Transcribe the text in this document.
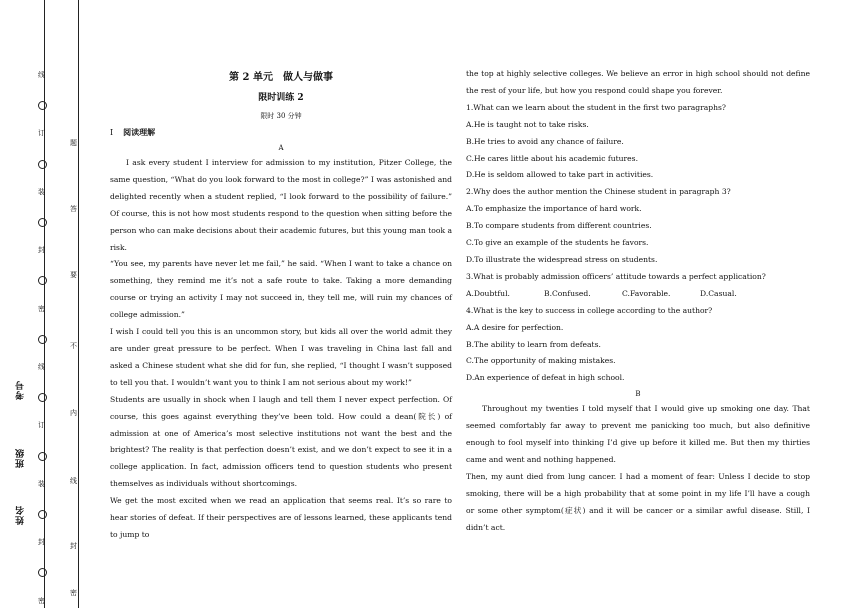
线
订
装
封
密
线
订
装
封
密
题
答
要
不
内
线
封
密
姓名
班级
考号
第 2 单元　做人与做事
限时训练 2
限时 30 分钟
Ⅰ 阅读理解
A

I ask every student I interview for admission to my institution, Pitzer College, the same question, “What do you look forward to the most in college?” I was astonished and delighted recently when a student replied, “I look forward to the possibility of failure.” Of course, this is not how most students respond to the question when sitting before the person who can make decisions about their academic futures, but this young man took a risk.

“You see, my parents have never let me fail,” he said. “When I want to take a chance on something, they remind me it’s not a safe route to take. Taking a more demanding course or trying an activity I may not succeed in, they tell me, will ruin my chances of college admission.”

I wish I could tell you this is an uncommon story, but kids all over the world admit they are under great pressure to be perfect. When I was traveling in China last fall and asked a Chinese student what she did for fun, she replied, “I thought I wasn’t supposed to tell you that. I wouldn’t want you to think I am not serious about my work!”

Students are usually in shock when I laugh and tell them I never expect perfection. Of course, this goes against everything they’ve been told. How could a dean(院长) of admission at one of America’s most selective institutions not want the best and the brightest? The reality is that perfection doesn’t exist, and we don’t expect to see it in a college application. In fact, admission officers tend to question students who present themselves as individuals without shortcomings.

We get the most excited when we read an application that seems real. It’s so rare to hear stories of defeat. If their perspectives are of lessons learned, these applicants tend to jump to

the top at highly selective colleges. We believe an error in high school should not define the rest of your life, but how you respond could shape you forever.

1.What can we learn about the student in the first two paragraphs?

A.He is taught not to take risks.

B.He tries to avoid any chance of failure.

C.He cares little about his academic futures.

D.He is seldom allowed to take part in activities.

2.Why does the author mention the Chinese student in paragraph 3?

A.To emphasize the importance of hard work.

B.To compare students from different countries.

C.To give an example of the students he favors.

D.To illustrate the widespread stress on students.

3.What is probably admission officers’ attitude towards a perfect application?

A.Doubtful.	B.Confused.	C.Favorable.	D.Casual.

4.What is the key to success in college according to the author?

A.A desire for perfection.

B.The ability to learn from defeats.

C.The opportunity of making mistakes.

D.An experience of defeat in high school.

B

Throughout my twenties I told myself that I would give up smoking one day. That seemed comfortably far away to prevent me panicking too much, but also definitive enough to fool myself into thinking I’d give up before it killed me. But then my thirties came and went and nothing happened.

Then, my aunt died from lung cancer. I had a moment of fear: Unless I decide to stop smoking, there will be a high probability that at some point in my life I’ll have a cough or some other symptom(症状) and it will be cancer or a similar awful disease. Still, I didn’t act.
